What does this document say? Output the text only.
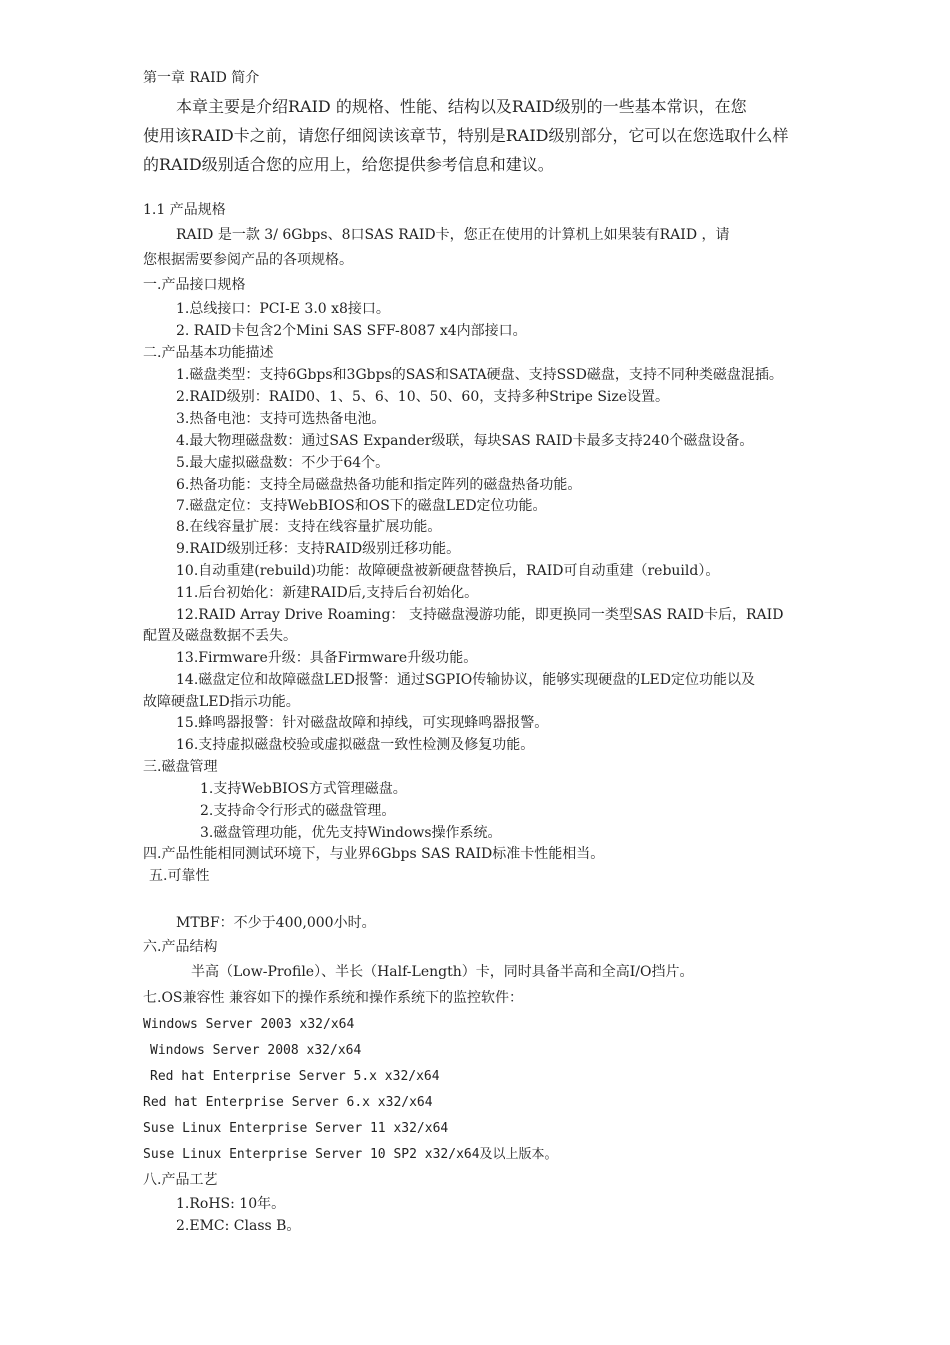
第一章 RAID 简介
本章主要是介绍RAID 的规格、性能、结构以及RAID级别的一些基本常识，在您
使用该RAID卡之前，请您仔细阅读该章节，特别是RAID级别部分，它可以在您选取什么样
的RAID级别适合您的应用上，给您提供参考信息和建议。
1.1 产品规格
RAID 是一款 3/ 6Gbps、8口SAS RAID卡，您正在使用的计算机上如果装有RAID ，请
您根据需要参阅产品的各项规格。
一.产品接口规格
1.总线接口：PCI-E 3.0 x8接口。
2. RAID卡包含2个Mini SAS SFF-8087 x4内部接口。
二.产品基本功能描述
1.磁盘类型：支持6Gbps和3Gbps的SAS和SATA硬盘、支持SSD磁盘，支持不同种类磁盘混插。
2.RAID级别：RAID0、1、5、6、10、50、60，支持多种Stripe Size设置。
3.热备电池：支持可选热备电池。
4.最大物理磁盘数：通过SAS Expander级联，每块SAS RAID卡最多支持240个磁盘设备。
5.最大虚拟磁盘数：不少于64个。
6.热备功能：支持全局磁盘热备功能和指定阵列的磁盘热备功能。
7.磁盘定位：支持WebBIOS和OS下的磁盘LED定位功能。
8.在线容量扩展：支持在线容量扩展功能。
9.RAID级别迁移：支持RAID级别迁移功能。
10.自动重建(rebuild)功能：故障硬盘被新硬盘替换后，RAID可自动重建（rebuild）。
11.后台初始化：新建RAID后,支持后台初始化。
12.RAID Array Drive Roaming： 支持磁盘漫游功能，即更换同一类型SAS RAID卡后，RAID
配置及磁盘数据不丢失。
13.Firmware升级：具备Firmware升级功能。
14.磁盘定位和故障磁盘LED报警：通过SGPIO传输协议，能够实现硬盘的LED定位功能以及
故障硬盘LED指示功能。
15.蜂鸣器报警：针对磁盘故障和掉线，可实现蜂鸣器报警。
16.支持虚拟磁盘校验或虚拟磁盘一致性检测及修复功能。
三.磁盘管理
1.支持WebBIOS方式管理磁盘。
2.支持命令行形式的磁盘管理。
3.磁盘管理功能，优先支持Windows操作系统。
四.产品性能相同测试环境下，与业界6Gbps SAS RAID标准卡性能相当。
五.可靠性
MTBF：不少于400,000小时。
六.产品结构
半高（Low-Profile）、半长（Half-Length）卡，同时具备半高和全高I/O挡片。
七.OS兼容性 兼容如下的操作系统和操作系统下的监控软件：
Windows Server 2003 x32/x64
Windows Server 2008 x32/x64
Red hat Enterprise Server 5.x x32/x64
Red hat Enterprise Server 6.x x32/x64
Suse Linux Enterprise Server 11 x32/x64
Suse Linux Enterprise Server 10 SP2 x32/x64及以上版本。
八.产品工艺
1.RoHS: 10年。
2.EMC: Class B。
